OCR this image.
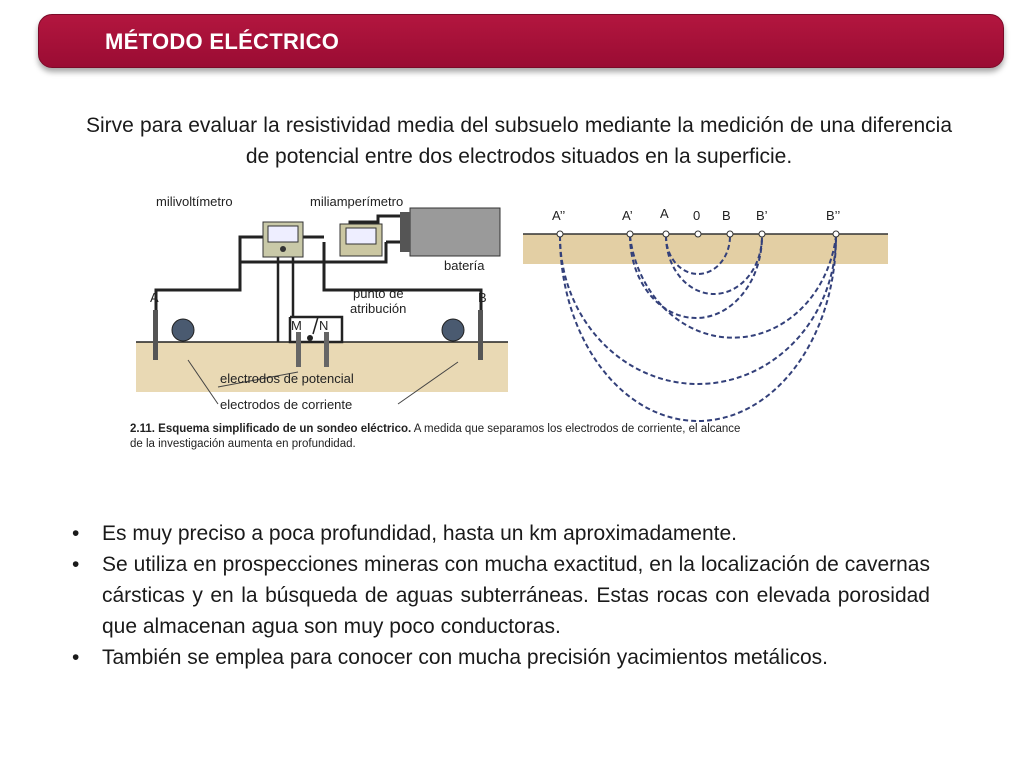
MÉTODO ELÉCTRICO

Sirve para evaluar la resistividad media del subsuelo mediante la medición de una diferencia de potencial entre dos electrodos situados en la superficie.

milivoltímetro	miliamperímetro
batería
punto de
atribución
A	B
M N
electrodos de potencial
electrodos de corriente
A’’	A’ A 0 B B’	B’’
2.11. Esquema simplificado de un sondeo eléctrico. A medida que separamos los electrodos de corriente, el alcance
de la investigación aumenta en profundidad.
• Es muy preciso a poca profundidad, hasta un km aproximadamente.
• Se utiliza en prospecciones mineras con mucha exactitud, en la localización de cavernas cársticas y en la búsqueda de aguas subterráneas. Estas rocas con elevada porosidad que almacenan agua son muy poco conductoras.
• También se emplea para conocer con mucha precisión yacimientos metálicos.
